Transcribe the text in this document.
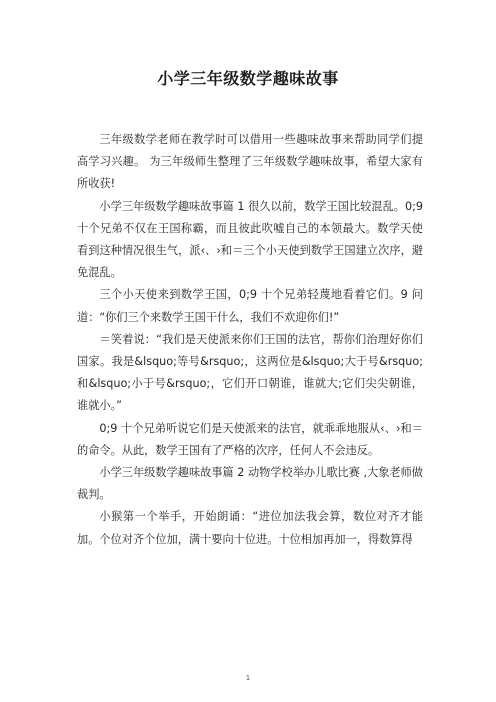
小学三年级数学趣味故事

三年级数学老师在教学时可以借用一些趣味故事来帮助同学们提高学习兴趣。 为三年级师生整理了三年级数学趣味故事，希望大家有所收获!

小学三年级数学趣味故事篇 1 很久以前，数学王国比较混乱。0;9 十个兄弟不仅在王国称霸，而且彼此吹嘘自己的本领最大。数学天使看到这种情况很生气，派‹、›和＝三个小天使到数学王国建立次序，避免混乱。

三个小天使来到数学王国，0;9 十个兄弟轻蔑地看着它们。9 问道：“你们三个来数学王国干什么，我们不欢迎你们!”

＝笑着说：“我们是天使派来你们王国的法官，帮你们治理好你们国家。我是&lsquo;等号&rsquo;，这两位是&lsquo;大于号&rsquo;和&lsquo;小于号&rsquo;，它们开口朝谁，谁就大;它们尖尖朝谁，谁就小。”

0;9 十个兄弟听说它们是天使派来的法官，就乖乖地服从‹、›和＝的命令。从此，数学王国有了严格的次序，任何人不会违反。

小学三年级数学趣味故事篇 2 动物学校举办儿歌比赛 ,大象老师做裁判。

小猴第一个举手，开始朗诵：“进位加法我会算，数位对齐才能加。个位对齐个位加，满十要向十位进。十位相加再加一，得数算得

1
